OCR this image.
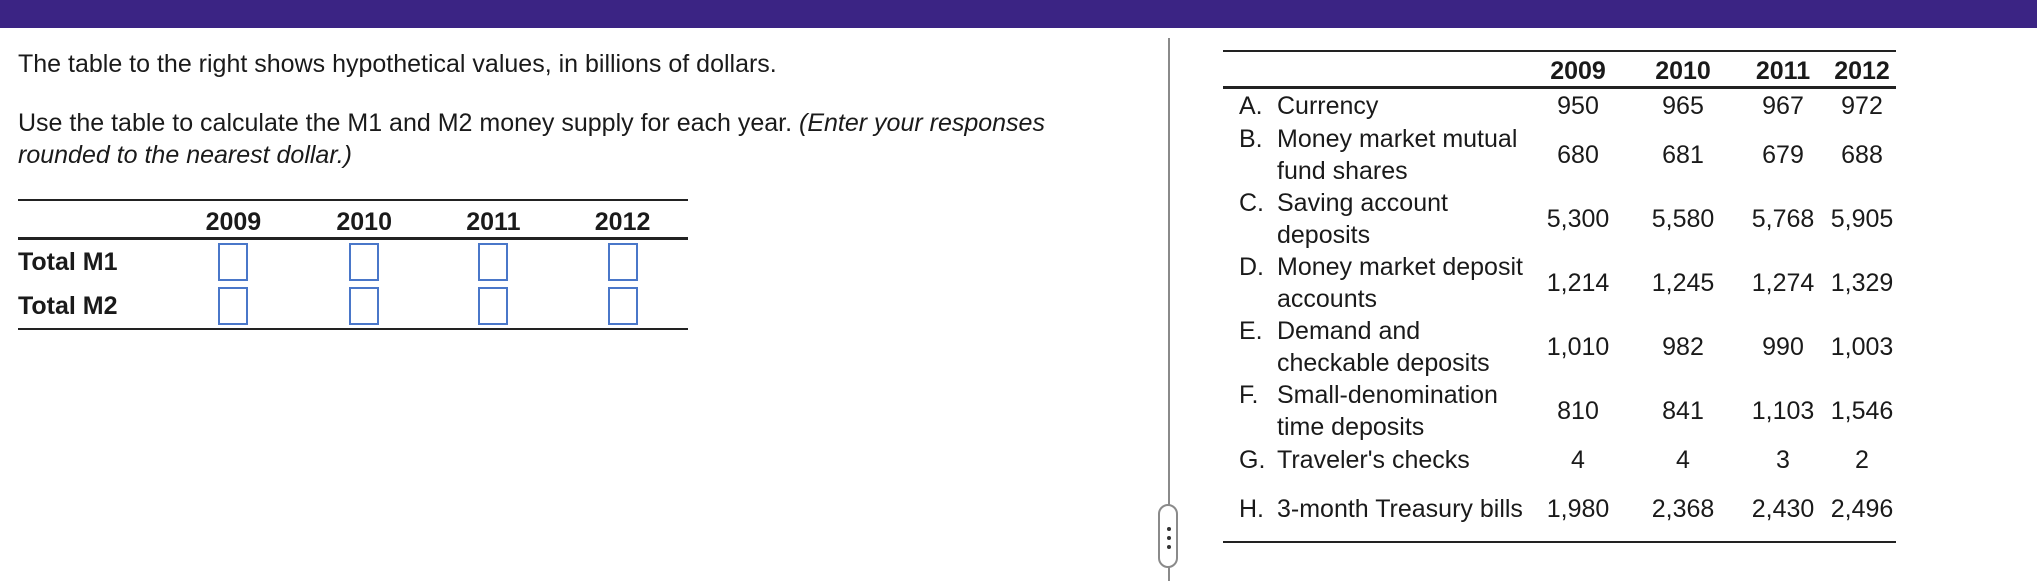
The table to the right shows hypothetical values, in billions of dollars.

Use the table to calculate the M1 and M2 money supply for each year. (Enter your responses rounded to the nearest dollar.)

	2009	2010	2011	2012
Total M1				
Total M2				
	2009	2010	2011	2012

A. Currency	950	965	967	972

B. Money market mutual fund shares	680	681	679	688

C. Saving account deposits	5,300	5,580	5,768	5,905

D. Money market deposit accounts	1,214	1,245	1,274	1,329

E. Demand and checkable deposits	1,010	982	990	1,003

F. Small-denomination time deposits	810	841	1,103	1,546

G. Traveler's checks	4	4	3	2

H. 3-month Treasury bills	1,980	2,368	2,430	2,496
